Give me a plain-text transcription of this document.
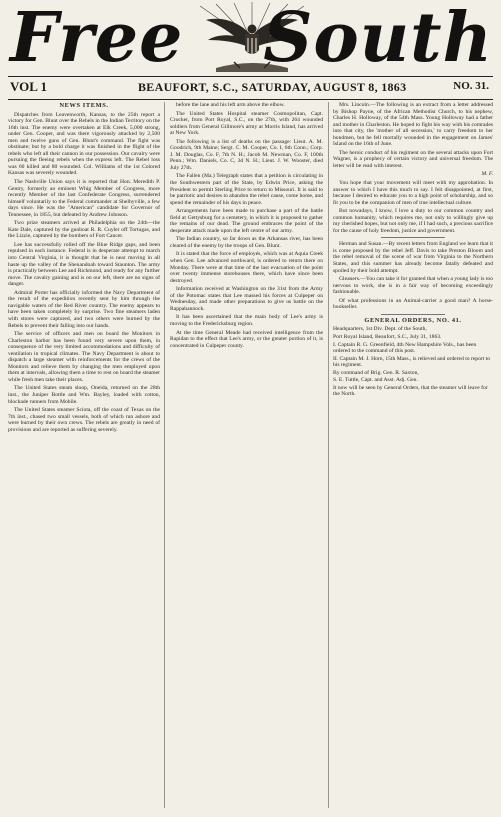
Free South
VOL 1	BEAUFORT, S.C., SATURDAY, AUGUST 8, 1863	NO. 31.
NEWS ITEMS.

Dispatches from Leavenworth, Kansas, to the 25th report a victory for Gen. Blunt over the Rebels in the Indian Territory on the 16th inst. The enemy were overtaken at Elk Creek, 5,000 strong, under Gen. Cooper, and was there vigorously attacked by 2,500 men and twelve guns of Gen. Blunt's command. The fight was obstinate; but by a bold charge it was finished in the flight of the rebels who left all their cannon in our possession. Our cavalry were pursuing the fleeing rebels when the express left. The Rebel loss was 60 killed and 80 wounded. Col. Williams of the 1st Colored Kansas was severely wounded.

The Nashville Union says it is reported that Hon. Meredith P. Gentry, formerly an eminent Whig Member of Congress, more recently Member of the last Confederate Congress, surrendered himself voluntarily to the Federal commander at Shelbyville, a few days since. He was the "American" candidate for Governor of Tennessee, in 1855, but defeated by Andrew Johnson.

Two prize steamers arrived at Philadelphia on the 24th—the Kate Dale, captured by the gunboat R. R. Cuyler off Tortugas, and the Lizzie, captured by the bombers of Fort Cancer.

Lee has successfully rolled off the Blue Ridge gaps, and been repulsed in each instance. Federal is in desperate attempt to march into Central Virginia, it is thought that he is near moving in all haste up the valley of the Shenandoah toward Staunton. The army is practically between Lee and Richmond, and ready for any further move. The cavalry gaining and is on our left, there are no signs of danger.

Admiral Porter has officially informed the Navy Department of the result of the expedition recently sent by him through the navigable waters of the Red River country. The enemy appears to have been taken completely by surprise. Two fine steamers laden with stores were captured, and two others were burned by the Rebels to prevent their falling into our hands.

The service of officers and men on board the Monitors in Charleston harbor has been found very severe upon them, in consequence of the very limited accommodations and difficulty of ventilation in tropical climates. The Navy Department is about to dispatch a large steamer with reinforcements for the crews of the Monitors and relieve them by changing the men employed upon them at intervals, allowing them a time to rest on board the steamer while fresh men take their places.

The United States steam sloop, Oneida, returned on the 28th inst., the Juniper Bottle and Wm. Bayley, loaded with cotton, blockade runners from Mobile.

The United States steamer Sciota, off the coast of Texas on the 7th inst., chased two small vessels, both of which run ashore and were burned by their own crews. The rebels are greatly in need of provisions and are reported as suffering severely.

before the lane and his left arm above the elbow.

The United States Hospital steamer Cosmopolitan, Capt. Crocker, from Port Royal, S.C., on the 27th, with 264 wounded soldiers from General Gillmore's army at Morris Island, has arrived at New York.

The following is a list of deaths on the passage: Lieut. A. M. Goodrich, 9th Maine; Sergt. C. M. Cooper, Co. I, 6th Conn.; Corp. J. M. Douglas, Co. F, 7th N. H.; Jacob M. Newman, Co. F, 100th Penn.; Wm. Daniels, Co. C, 3d N. H.; Lieut. J. W. Wooster, died July 27th.

The Fallen (Ma.) Telegraph states that a petition is circulating in the Southwestern part of the State, by Edwin Price, asking the President to permit Sterling Price to return to Missouri. It is said to be patriotic and desires to abandon the rebel cause, come home, and spend the remainder of his days in peace.

Arrangements have been made to purchase a part of the battle field at Gettysburg for a cemetery, in which it is proposed to gather the remains of our dead. The ground embraces the point of the desperate attack made upon the left centre of our army.

The Indian country, so far down as the Arkansas river, has been cleared of the enemy by the troops of Gen. Blunt.

It is stated that the force of employés, which was at Aquia Creek when Gen. Lee advanced northward, is ordered to return there on Monday. There were at that time of the last evacuation of the point over twenty immense storehouses there, which have since been destroyed.

Information received at Washington on the 31st from the Army of the Potomac states that Lee massed his forces at Culpeper on Wednesday, and made other preparations to give us battle on the Rappahannock.

It has been ascertained that the main body of Lee's army is moving to the Fredericksburg region.

At the time General Meade had received intelligence from the Rapidan to the effect that Lee's army, or the greater portion of it, is concentrated in Culpeper county.

Mrs. Lincoln.—The following is an extract from a letter addressed by Bishop Payne, of the African Methodist Church, to his nephew, Charles H. Holloway, of the 54th Mass. Young Holloway had a father and mother in Charleston. He hoped to fight his way with his comrades into that city, the 'mother of all secession,' to carry freedom to her bondmen, but he fell mortally wounded in the engagement on James' Island on the 16th of June.

The heroic conduct of his regiment on the several attacks upon Fort Wagner, is a prophecy of certain victory and universal freedom. The letter will be read with interest.

M. F.

You hope that your movement will meet with my approbation. In answer to which I have this much to say. I felt disappointed, at first, because I desired to educate you to a high point of scholarship, and so fit you to be the companion of men of true intellectual culture.

But nowadays, I know, I love a duty to our common country and common humanity, which requires me, not only to willingly give up my cherished hopes, but not only me, if I had such, a precious sacrifice for the cause of holy freedom, justice and government.

Herman and Susan.—By recent letters from England we learn that it is come proposed by the rebel Jeff. Davis to take Preston Bloom and the rebel removal of the scene of war from Virginia to the Northern States, and this summer has already become fatally defeated and spoiled by their bold attempt.

Gleaners.—You can take it for granted that when a young lady is too nervous to work, she is in a fair way of becoming exceedingly fashionable.

Of what professions in an Animal-carrier a good man? A horse-bookseller.

GENERAL ORDERS, NO. 41.
Headquarters, 1st Div. Dept. of the South,
Port Royal Island, Beaufort, S.C., July 31, 1863.
I. Captain R. G. Greenfield, 4th New Hampshire Vols., has been ordered to the command of this post.
II. Captain M. J. Horn, 15th Mass., is relieved and ordered to report to his regiment.
By command of Brig. Gen. R. Saxton,
S. E. Tuttle, Capt. and Asst. Adj. Gen.
It now will be seen by General Orders, that the steamer will leave for the North.
